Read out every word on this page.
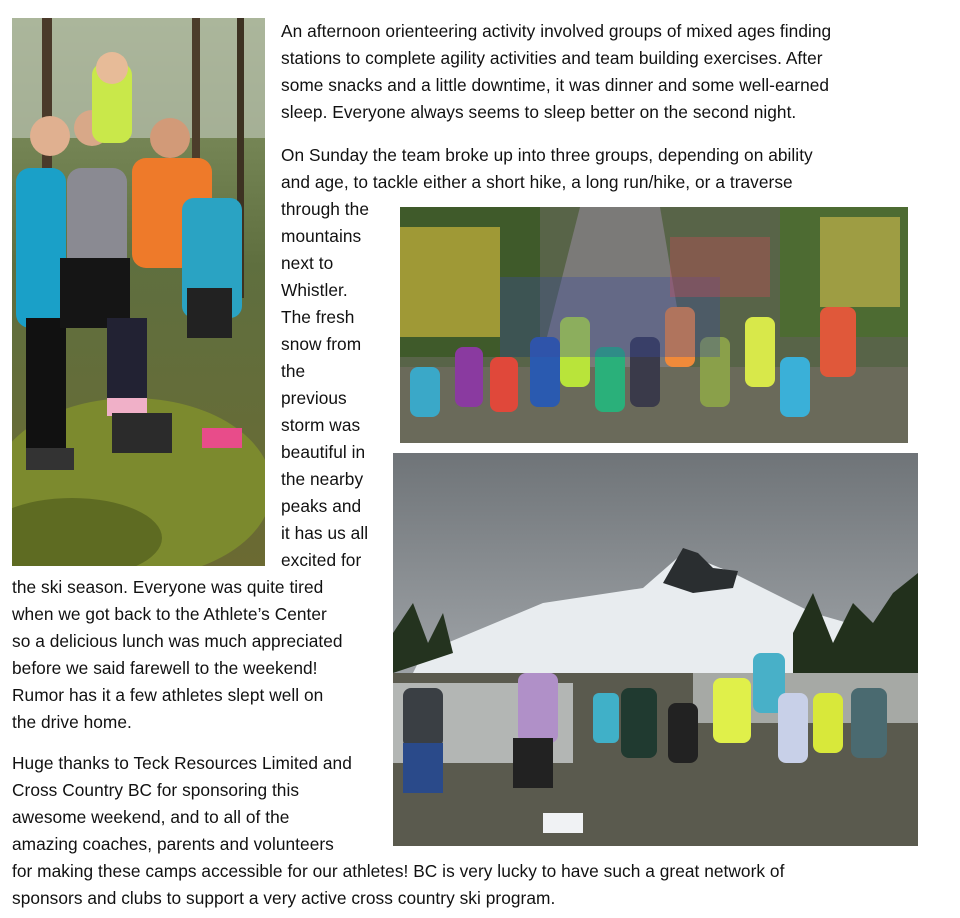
An afternoon orienteering activity involved groups of mixed ages finding
stations to complete agility activities and team building exercises. After
some snacks and a little downtime, it was dinner and some well-earned
sleep. Everyone always seems to sleep better on the second night.
On Sunday the team broke up into three groups, depending on ability
and age, to tackle either a short hike, a long run/hike, or a traverse
through the
mountains
next to
Whistler.
The fresh
snow from
the
previous
storm was
beautiful in
the nearby
peaks and
it has us all
excited for
the ski season. Everyone was quite tired
when we got back to the Athlete’s Center
so a delicious lunch was much appreciated
before we said farewell to the weekend!
Rumor has it a few athletes slept well on
the drive home.
Huge thanks to Teck Resources Limited and
Cross Country BC for sponsoring this
awesome weekend, and to all of the
amazing coaches, parents and volunteers
for making these camps accessible for our athletes! BC is very lucky to have such a great network of
sponsors and clubs to support a very active cross country ski program.
